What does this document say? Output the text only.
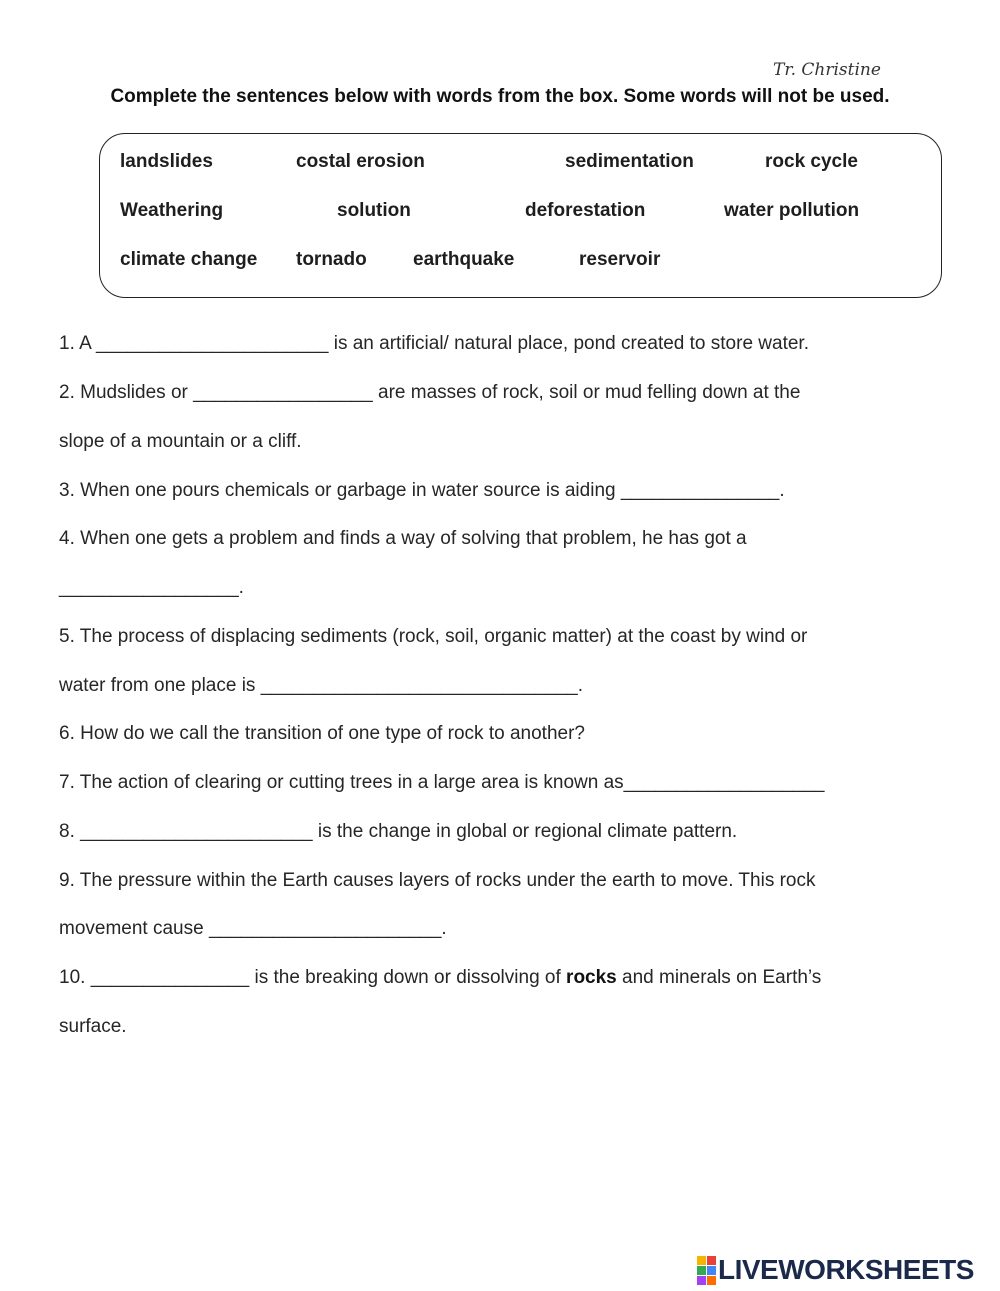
Tr. Christine
Complete the sentences below with words from the box. Some words will not be used.
landslides	costal erosion	sedimentation	rock cycle
Weathering	solution	deforestation	water pollution
climate change tornado earthquake	reservoir
1. A ______________________ is an artificial/ natural place, pond created to store water.
2. Mudslides or _________________ are masses of rock, soil or mud felling down at the
slope of a mountain or a cliff.
3. When one pours chemicals or garbage in water source is aiding _______________.
4. When one gets a problem and finds a way of solving that problem, he has got a
_________________.
5. The process of displacing sediments (rock, soil, organic matter) at the coast by wind or
water from one place is ______________________________.
6. How do we call the transition of one type of rock to another?
7. The action of clearing or cutting trees in a large area is known as___________________
8. ______________________ is the change in global or regional climate pattern.
9. The pressure within the Earth causes layers of rocks under the earth to move. This rock
movement cause ______________________.
10. _______________ is the breaking down or dissolving of rocks and minerals on Earth’s
surface.
LIVEWORKSHEETS
